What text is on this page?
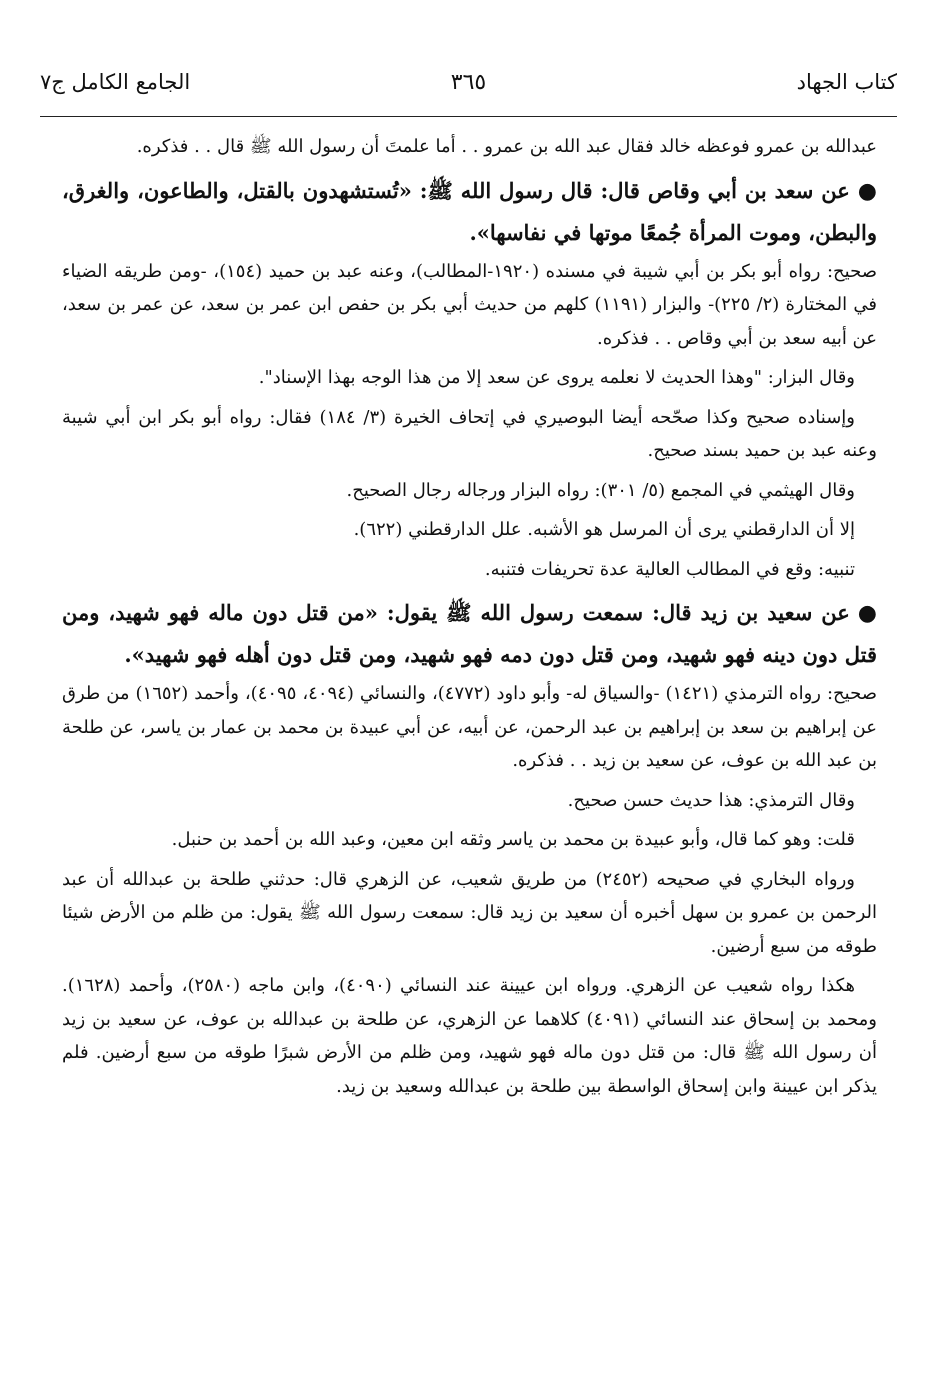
كتاب الجهاد
٣٦٥
الجامع الكامل ج٧

عبدالله بن عمرو فوعظه خالد فقال عبد الله بن عمرو . . أما علمتَ أن رسول الله ﷺ قال . . فذكره.

●عن سعد بن أبي وقاص قال: قال رسول الله ﷺ: «تُستشهدون بالقتل، والطاعون، والغرق، والبطن، وموت المرأة جُمعًا موتها في نفاسها».

صحيح: رواه أبو بكر بن أبي شيبة في مسنده (١٩٢٠-المطالب)، وعنه عبد بن حميد (١٥٤)، -ومن طريقه الضياء في المختارة (٢/ ٢٢٥)- والبزار (١١٩١) كلهم من حديث أبي بكر بن حفص ابن عمر بن سعد، عن عمر بن سعد، عن أبيه سعد بن أبي وقاص . . فذكره.

وقال البزار: "وهذا الحديث لا نعلمه يروى عن سعد إلا من هذا الوجه بهذا الإسناد".

وإسناده صحيح وكذا صحّحه أيضا البوصيري في إتحاف الخيرة (٣/ ١٨٤) فقال: رواه أبو بكر ابن أبي شيبة وعنه عبد بن حميد بسند صحيح.

وقال الهيثمي في المجمع (٥/ ٣٠١): رواه البزار ورجاله رجال الصحيح.

إلا أن الدارقطني يرى أن المرسل هو الأشبه. علل الدارقطني (٦٢٢).

تنبيه: وقع في المطالب العالية عدة تحريفات فتنبه.

●عن سعيد بن زيد قال: سمعت رسول الله ﷺ يقول: «من قتل دون ماله فهو شهيد، ومن قتل دون دينه فهو شهيد، ومن قتل دون دمه فهو شهيد، ومن قتل دون أهله فهو شهيد».

صحيح: رواه الترمذي (١٤٢١) -والسياق له- وأبو داود (٤٧٧٢)، والنسائي (٤٠٩٤، ٤٠٩٥)، وأحمد (١٦٥٢) من طرق عن إبراهيم بن سعد بن إبراهيم بن عبد الرحمن، عن أبيه، عن أبي عبيدة بن محمد بن عمار بن ياسر، عن طلحة بن عبد الله بن عوف، عن سعيد بن زيد . . فذكره.

وقال الترمذي: هذا حديث حسن صحيح.

قلت: وهو كما قال، وأبو عبيدة بن محمد بن ياسر وثقه ابن معين، وعبد الله بن أحمد بن حنبل.

ورواه البخاري في صحيحه (٢٤٥٢) من طريق شعيب، عن الزهري قال: حدثني طلحة بن عبدالله أن عبد الرحمن بن عمرو بن سهل أخبره أن سعيد بن زيد قال: سمعت رسول الله ﷺ يقول: من ظلم من الأرض شيئا طوقه من سبع أرضين.

هكذا رواه شعيب عن الزهري. ورواه ابن عيينة عند النسائي (٤٠٩٠)، وابن ماجه (٢٥٨٠)، وأحمد (١٦٢٨). ومحمد بن إسحاق عند النسائي (٤٠٩١) كلاهما عن الزهري، عن طلحة بن عبدالله بن عوف، عن سعيد بن زيد أن رسول الله ﷺ قال: من قتل دون ماله فهو شهيد، ومن ظلم من الأرض شبرًا طوقه من سبع أرضين. فلم يذكر ابن عيينة وابن إسحاق الواسطة بين طلحة بن عبدالله وسعيد بن زيد.
